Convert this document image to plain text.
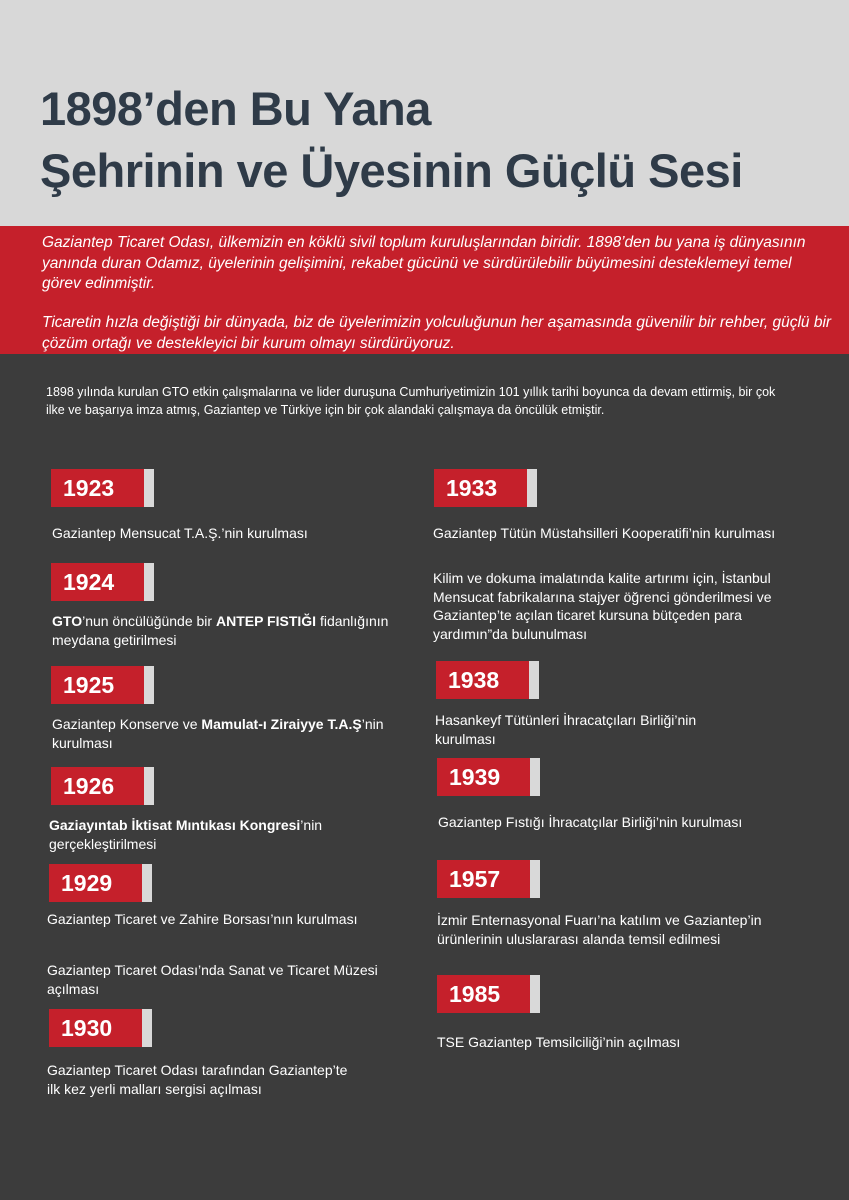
1898’den Bu Yana
Şehrinin ve Üyesinin Güçlü Sesi

Gaziantep Ticaret Odası, ülkemizin en köklü sivil toplum kuruluşlarından biridir. 1898’den bu yana iş dünyasının yanında duran Odamız, üyelerinin gelişimini, rekabet gücünü ve sürdürülebilir büyümesini desteklemeyi temel görev edinmiştir.

Ticaretin hızla değiştiği bir dünyada, biz de üyelerimizin yolculuğunun her aşamasında güvenilir bir rehber, güçlü bir çözüm ortağı ve destekleyici bir kurum olmayı sürdürüyoruz.

1898 yılında kurulan GTO etkin çalışmalarına ve lider duruşuna Cumhuriyetimizin 101 yıllık tarihi boyunca da devam ettirmiş, bir çok ilke ve başarıya imza atmış, Gaziantep ve Türkiye için bir çok alandaki çalışmaya da öncülük etmiştir.

1923

Gaziantep Mensucat T.A.Ş.’nin kurulması

1924

GTO’nun öncülüğünde bir ANTEP FISTIĞI fidanlığının meydana getirilmesi

1925

Gaziantep Konserve ve Mamulat-ı Ziraiyye T.A.Ş’nin kurulması

1926

Gaziayıntab İktisat Mıntıkası Kongresi’nin gerçekleştirilmesi

1929

Gaziantep Ticaret ve Zahire Borsası’nın kurulması

Gaziantep Ticaret Odası’nda Sanat ve Ticaret Müzesi açılması

1930

Gaziantep Ticaret Odası tarafından Gaziantep’te ilk kez yerli malları sergisi açılması

1933

Gaziantep Tütün Müstahsilleri Kooperatifi’nin kurulması

Kilim ve dokuma imalatında kalite artırımı için, İstanbul Mensucat fabrikalarına stajyer öğrenci gönderilmesi ve Gaziantep’te açılan ticaret kursuna bütçeden para yardımın”da bulunulması

1938

Hasankeyf Tütünleri İhracatçıları Birliği’nin kurulması

1939

Gaziantep Fıstığı İhracatçılar Birliği’nin kurulması

1957

İzmir Enternasyonal Fuarı’na katılım ve Gaziantep’in ürünlerinin uluslararası alanda temsil edilmesi

1985

TSE Gaziantep Temsilciliği’nin açılması
